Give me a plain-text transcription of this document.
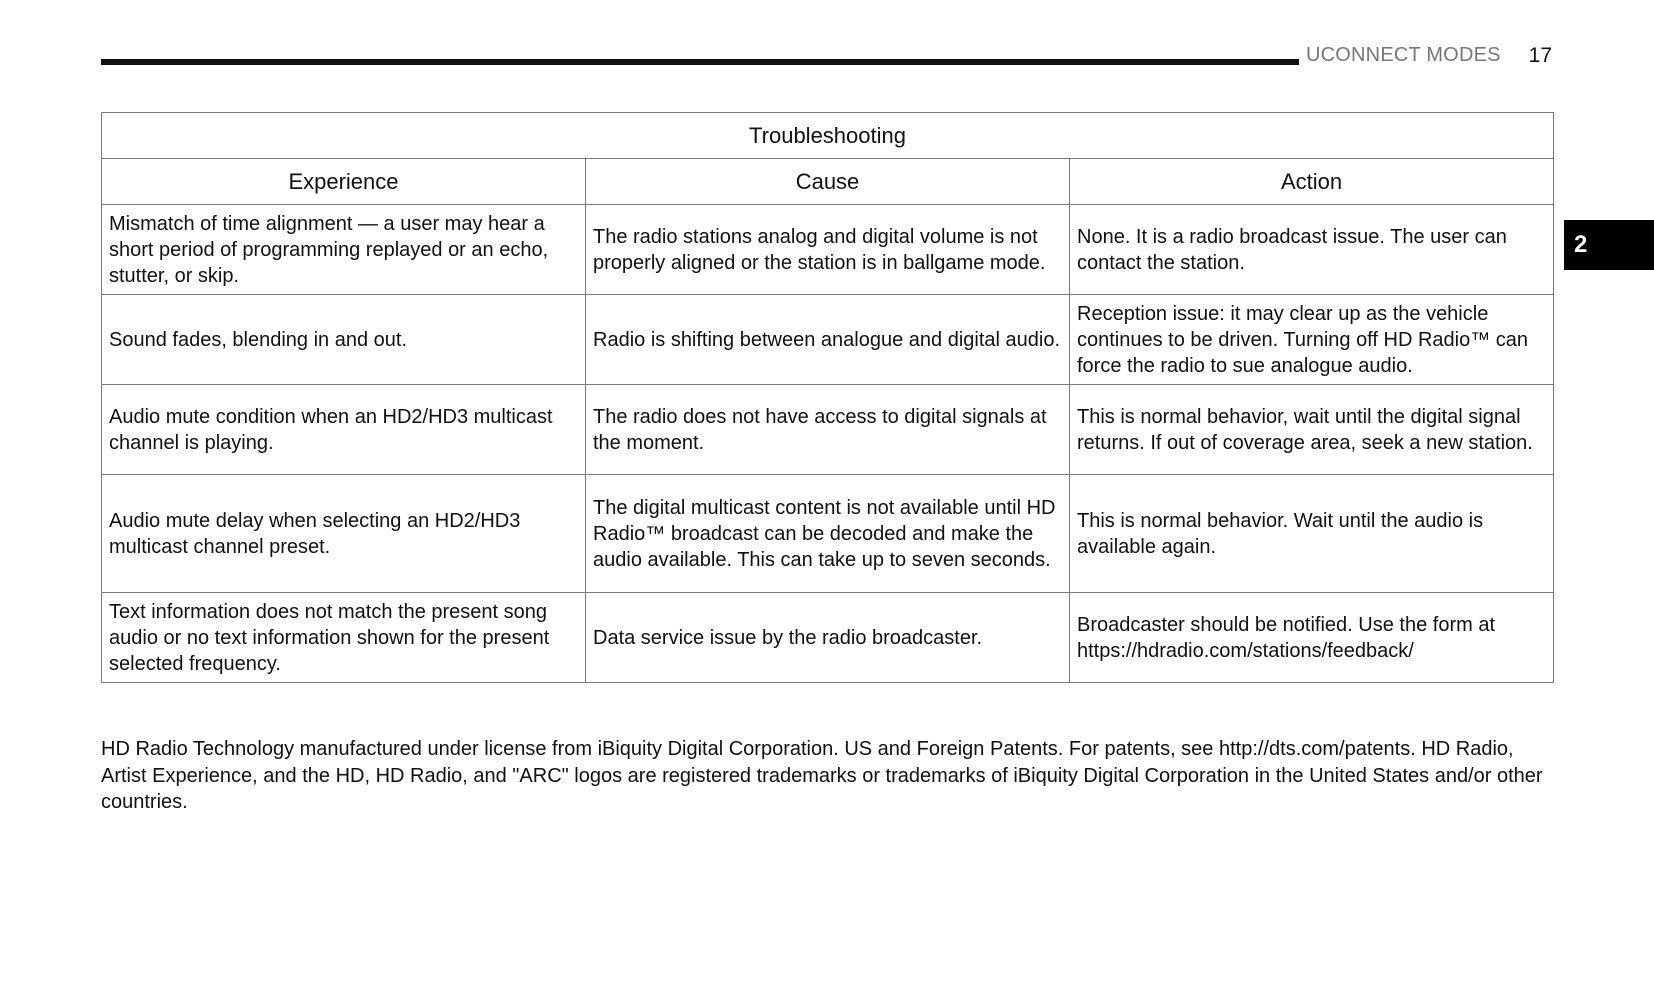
UCONNECT MODES	17
2
Troubleshooting		
Experience	Cause	Action
Mismatch of time alignment — a user may hear a short period of programming replayed or an echo, stutter, or skip.	The radio stations analog and digital volume is not properly aligned or the station is in ballgame mode.	None. It is a radio broadcast issue. The user can contact the station.
Sound fades, blending in and out.	Radio is shifting between analogue and digital audio.	Reception issue: it may clear up as the vehicle continues to be driven. Turning off HD Radio™ can force the radio to sue analogue audio.
Audio mute condition when an HD2/HD3 multicast channel is playing.	The radio does not have access to digital signals at the moment.	This is normal behavior, wait until the digital signal returns. If out of coverage area, seek a new station.
Audio mute delay when selecting an HD2/HD3 multicast channel preset.	The digital multicast content is not available until HD Radio™ broadcast can be decoded and make the audio available. This can take up to seven seconds.	This is normal behavior. Wait until the audio is available again.
Text information does not match the present song audio or no text information shown for the present selected frequency.	Data service issue by the radio broadcaster.	Broadcaster should be notified. Use the form at https://hdradio.com/stations/feedback/

HD Radio Technology manufactured under license from iBiquity Digital Corporation. US and Foreign Patents. For patents, see http://dts.com/patents. HD Radio, Artist Experience, and the HD, HD Radio, and "ARC" logos are registered trademarks or trademarks of iBiquity Digital Corporation in the United States and/or other countries.
